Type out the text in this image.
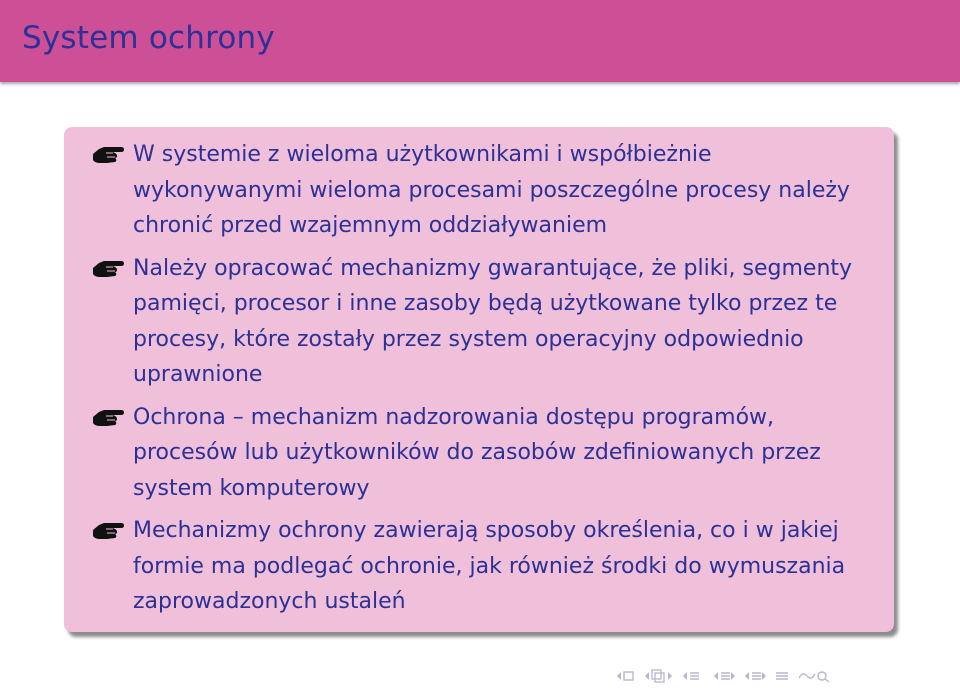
System ochrony
W systemie z wieloma użytkownikami i współbieżnie wykonywanymi wieloma procesami poszczególne procesy należy chronić przed wzajemnym oddziaływaniem
Należy opracować mechanizmy gwarantujące, że pliki, segmenty pamięci, procesor i inne zasoby będą użytkowane tylko przez te procesy, które zostały przez system operacyjny odpowiednio uprawnione
Ochrona – mechanizm nadzorowania dostępu programów, procesów lub użytkowników do zasobów zdefiniowanych przez system komputerowy
Mechanizmy ochrony zawierają sposoby określenia, co i w jakiej formie ma podlegać ochronie, jak również środki do wymuszania zaprowadzonych ustaleń
